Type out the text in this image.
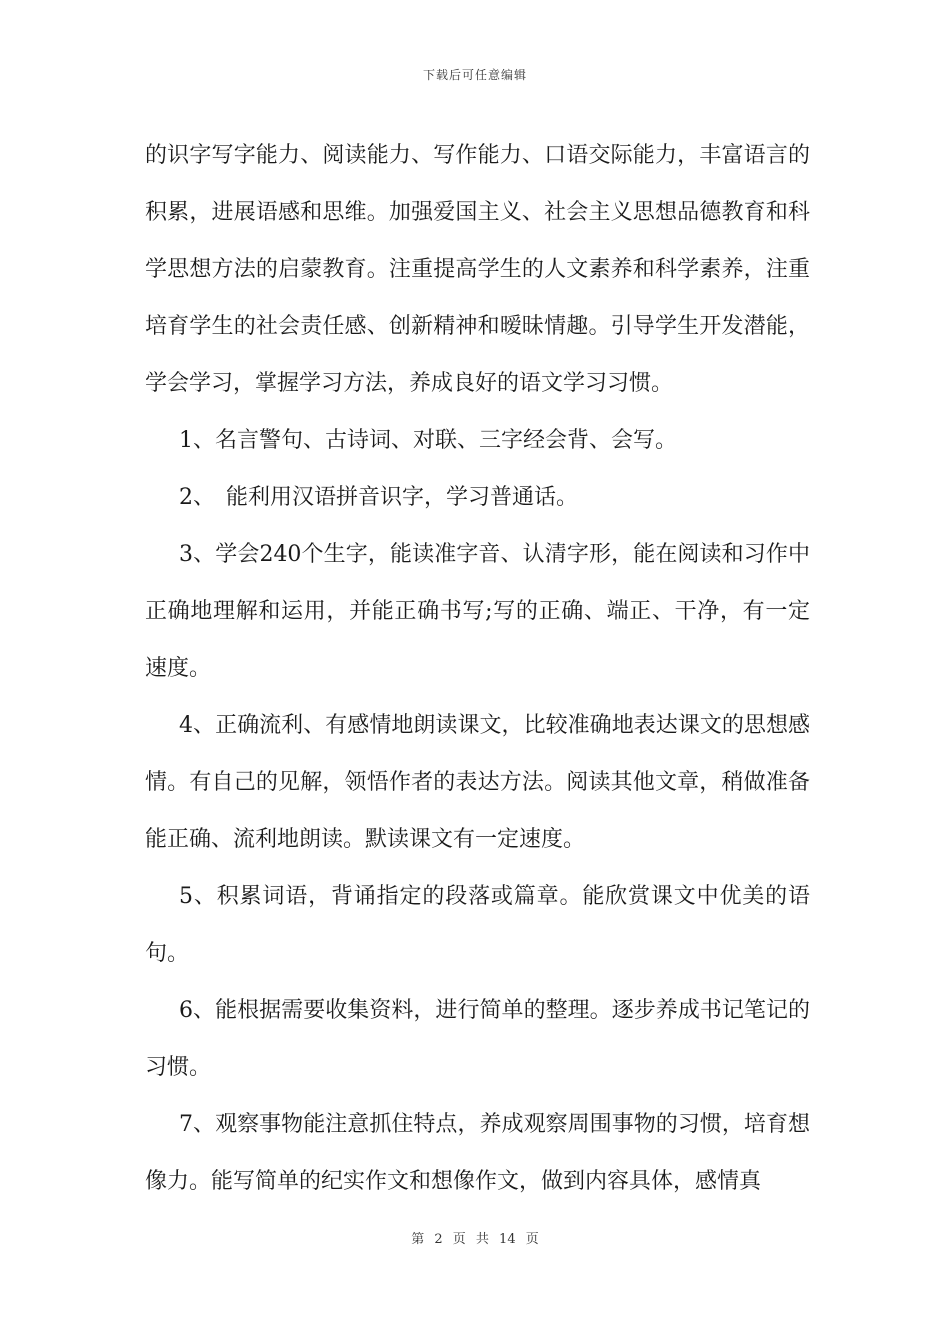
下载后可任意编辑

的识字写字能力、阅读能力、写作能力、口语交际能力，丰富语言的积累，进展语感和思维。加强爱国主义、社会主义思想品德教育和科学思想方法的启蒙教育。注重提高学生的人文素养和科学素养，注重培育学生的社会责任感、创新精神和暧昧情趣。引导学生开发潜能，学会学习，掌握学习方法，养成良好的语文学习习惯。

1、名言警句、古诗词、对联、三字经会背、会写。

2、　能利用汉语拼音识字，学习普通话。

3、学会240个生字，能读准字音、认清字形，能在阅读和习作中正确地理解和运用，并能正确书写;写的正确、端正、干净，有一定速度。

4、正确流利、有感情地朗读课文，比较准确地表达课文的思想感情。有自己的见解，领悟作者的表达方法。阅读其他文章，稍做准备能正确、流利地朗读。默读课文有一定速度。

5、积累词语，背诵指定的段落或篇章。能欣赏课文中优美的语句。

6、能根据需要收集资料，进行简单的整理。逐步养成书记笔记的习惯。

7、观察事物能注意抓住特点，养成观察周围事物的习惯，培育想像力。能写简单的纪实作文和想像作文，做到内容具体，感情真

第 2 页 共 14 页
